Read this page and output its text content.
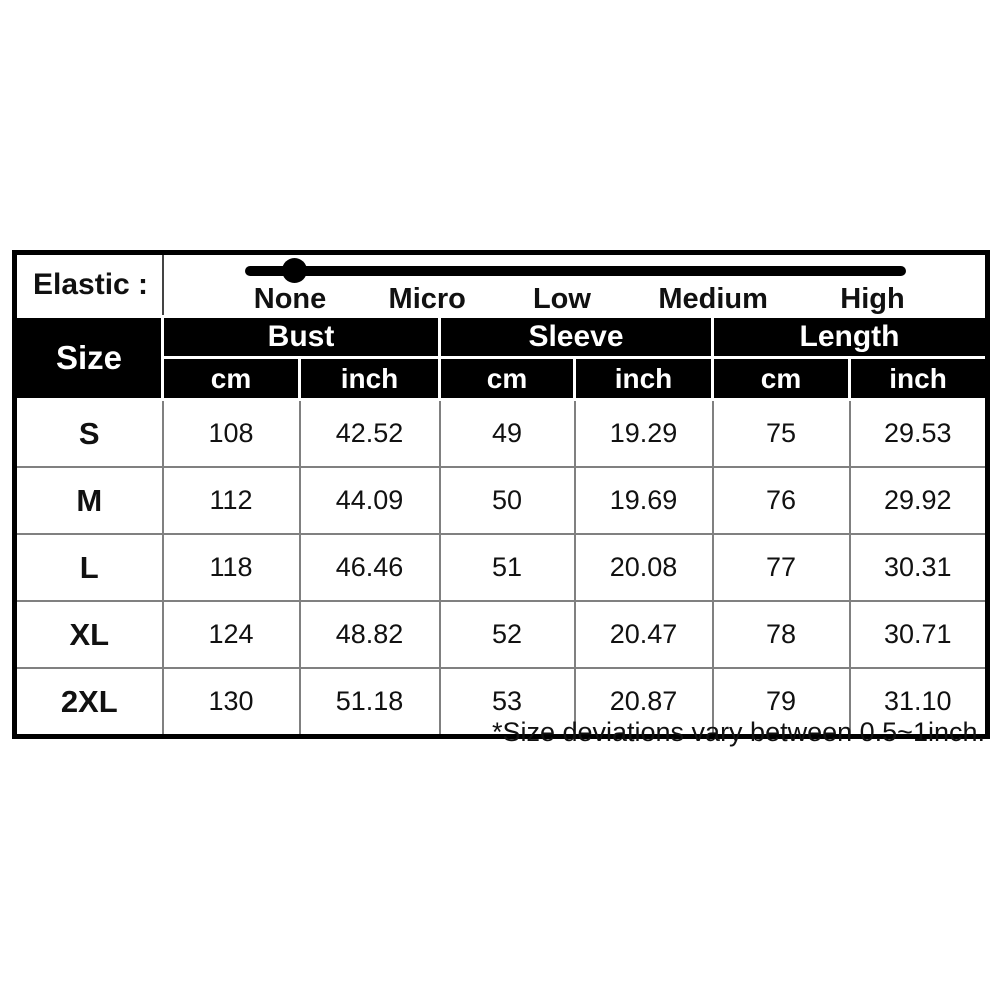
Elastic :	None Micro Low Medium High					

Size	Bust		Sleeve		Length	
	cm	inch	cm	inch	cm	inch
S	108	42.52	49	19.29	75	29.53
M	112	44.09	50	19.69	76	29.92
L	118	46.46	51	20.08	77	30.31
XL	124	48.82	52	20.47	78	30.71
2XL	130	51.18	53	20.87	79	31.10
*Size deviations vary between 0.5~1inch.
